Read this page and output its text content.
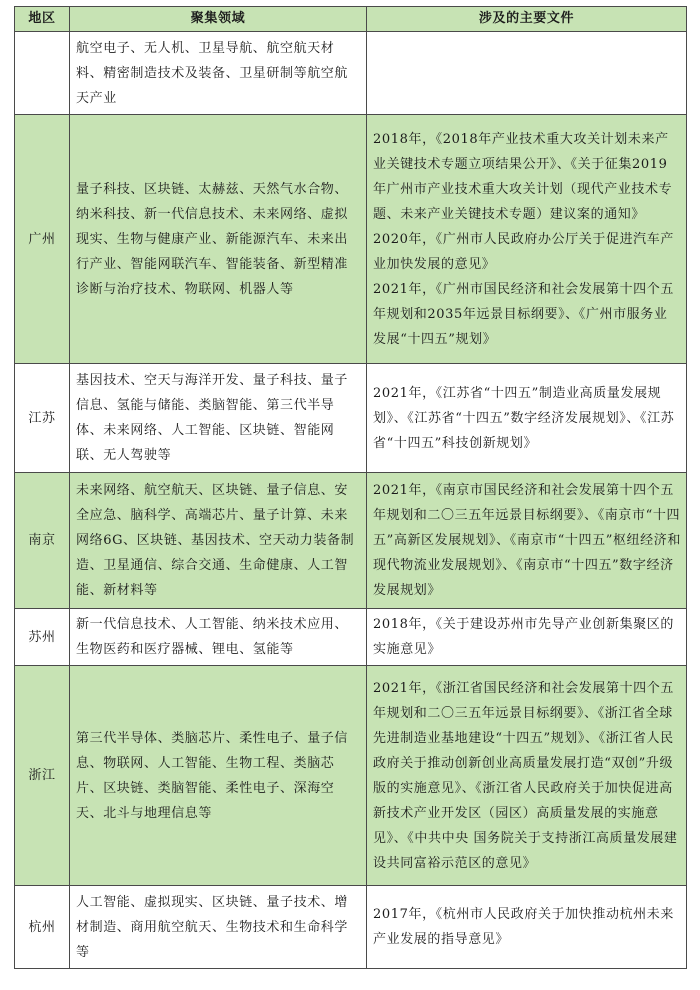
地区	聚集领域	涉及的主要文件
	航空电子、无人机、卫星导航、航空航天材料、精密制造技术及装备、卫星研制等航空航天产业	
广州	量子科技、区块链、太赫兹、天然气水合物、纳米科技、新一代信息技术、未来网络、虚拟现实、生物与健康产业、新能源汽车、未来出行产业、智能网联汽车、智能装备、新型精准诊断与治疗技术、物联网、机器人等	2018年，《2018年产业技术重大攻关计划未来产业关键技术专题立项结果公开》、《关于征集2019年广州市产业技术重大攻关计划（现代产业技术专题、未来产业关键技术专题）建议案的通知》
2020年，《广州市人民政府办公厅关于促进汽车产业加快发展的意见》
2021年，《广州市国民经济和社会发展第十四个五年规划和2035年远景目标纲要》、《广州市服务业发展“十四五”规划》

江苏	基因技术、空天与海洋开发、量子科技、量子信息、氢能与储能、类脑智能、第三代半导体、未来网络、人工智能、区块链、智能网联、无人驾驶等	2021年，《江苏省“十四五”制造业高质量发展规划》、《江苏省“十四五”数字经济发展规划》、《江苏省“十四五”科技创新规划》

南京	未来网络、航空航天、区块链、量子信息、安全应急、脑科学、高端芯片、量子计算、未来网络6G、区块链、基因技术、空天动力装备制造、卫星通信、综合交通、生命健康、人工智能、新材料等	2021年，《南京市国民经济和社会发展第十四个五年规划和二〇三五年远景目标纲要》、《南京市“十四五”高新区发展规划》、《南京市“十四五”枢纽经济和现代物流业发展规划》、《南京市“十四五”数字经济发展规划》

苏州	新一代信息技术、人工智能、纳米技术应用、生物医药和医疗器械、锂电、氢能等	2018年，《关于建设苏州市先导产业创新集聚区的实施意见》

浙江	第三代半导体、类脑芯片、柔性电子、量子信息、物联网、人工智能、生物工程、类脑芯片、区块链、类脑智能、柔性电子、深海空天、北斗与地理信息等	2021年，《浙江省国民经济和社会发展第十四个五年规划和二〇三五年远景目标纲要》、《浙江省全球先进制造业基地建设“十四五”规划》、《浙江省人民政府关于推动创新创业高质量发展打造“双创”升级版的实施意见》、《浙江省人民政府关于加快促进高新技术产业开发区（园区）高质量发展的实施意见》、《中共中央 国务院关于支持浙江高质量发展建设共同富裕示范区的意见》

杭州	人工智能、虚拟现实、区块链、量子技术、增材制造、商用航空航天、生物技术和生命科学等	2017年，《杭州市人民政府关于加快推动杭州未来产业发展的指导意见》
